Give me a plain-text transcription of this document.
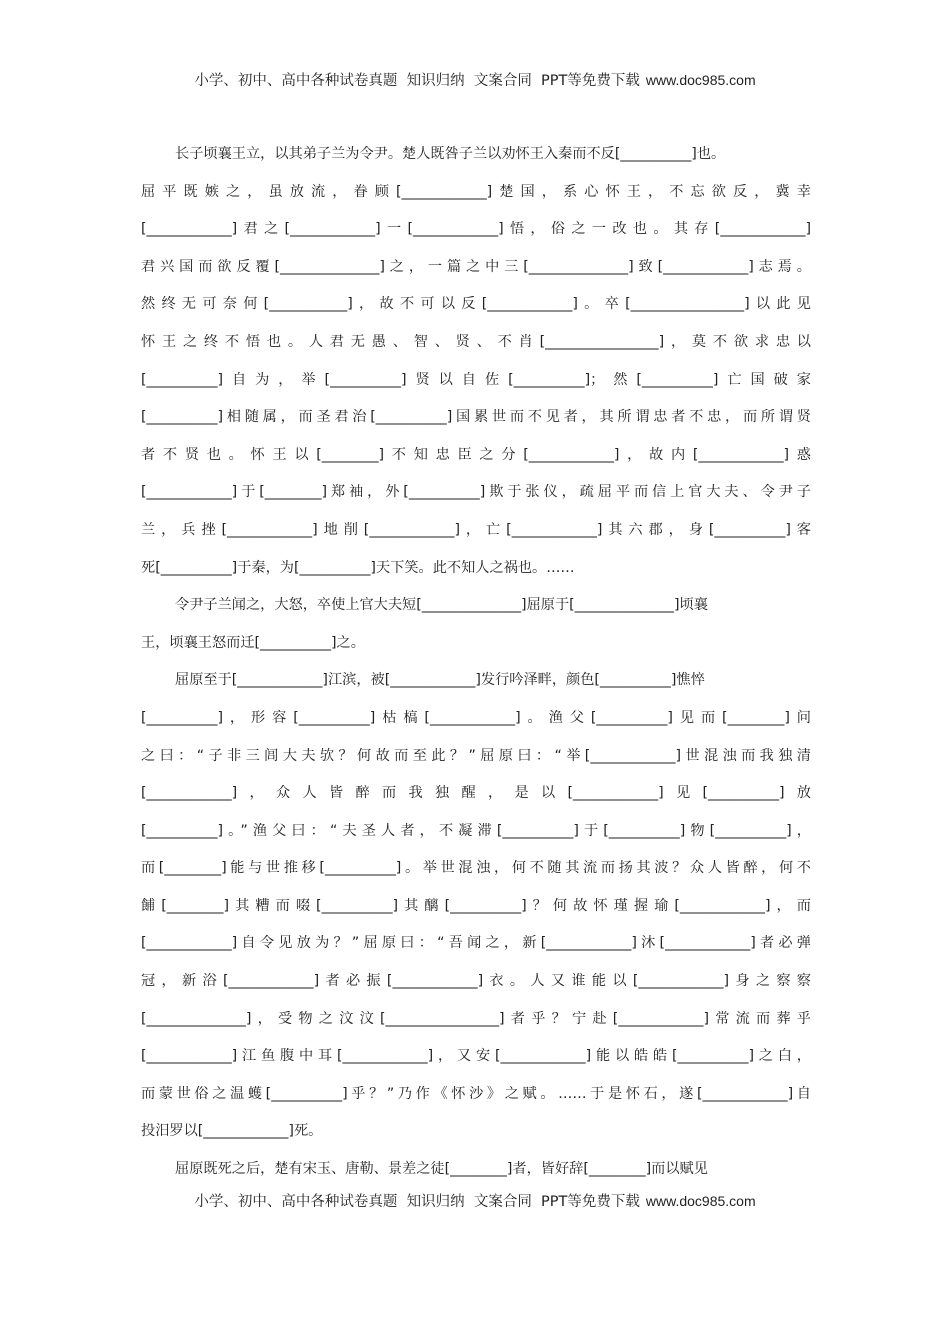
小学、初中、高中各种试卷真题  知识归纳  文案合同  PPT等免费下载 www.doc985.com
长子顷襄王立，以其弟子兰为令尹。楚人既咎子兰以劝怀王入秦而不反[__________]也。
屈平既嫉之，虽放流，眷顾[____________]楚国，系心怀王，不忘欲反，冀幸
[____________]君之[____________]一[____________]悟，俗之一改也。其存[____________]
君兴国而欲反覆[______________]之，一篇之中三[______________]致[____________]志焉。
然终无可奈何[___________]，故不可以反[____________]。卒[________________]以此见
怀王之终不悟也。人君无愚、智、贤、不肖[________________]，莫不欲求忠以
[__________]自为，举[__________]贤以自佐[__________]；然[__________]亡国破家
[__________]相随属，而圣君治[__________]国累世而不见者，其所谓忠者不忠，而所谓贤
者不贤也。怀王以[________]不知忠臣之分[____________]，故内[____________]惑
[____________]于[________]郑袖，外[__________]欺于张仪，疏屈平而信上官大夫、令尹子
兰，兵挫[____________]地削[____________]，亡[____________]其六郡，身[__________]客
死[__________]于秦，为[__________]天下笑。此不知人之祸也。……
令尹子兰闻之，大怒，卒使上官大夫短[______________]屈原于[______________]顷襄
王，顷襄王怒而迁[__________]之。
屈原至于[____________]江滨，被[____________]发行吟泽畔，颜色[__________]憔悴
[__________]，形容[__________]枯槁[____________]。渔父[__________]见而[________]问
之曰：“子非三闾大夫欤？何故而至此？”屈原曰：“举[____________]世混浊而我独清
[____________]，众人皆醉而我独醒，是以[____________]见[__________]放
[__________]。”渔父曰：“夫圣人者，不凝滞[__________]于[__________]物[__________]，
而[________]能与世推移[__________]。举世混浊，何不随其流而扬其波？众人皆醉，何不
餔[________]其糟而啜[__________]其醨[__________]？何故怀瑾握瑜[____________]，而
[____________]自令见放为？”屈原曰：“吾闻之，新[____________]沐[____________]者必弹
冠，新浴[____________]者必振[____________]衣。人又谁能以[____________]身之察察
[______________]，受物之汶汶[________________]者乎？宁赴[____________]常流而葬乎
[____________]江鱼腹中耳[____________]，又安[____________]能以皓皓[__________]之白，
而蒙世俗之温蠖[__________]乎？”乃作《怀沙》之赋。……于是怀石，遂[____________]自
投汨罗以[____________]死。
屈原既死之后，楚有宋玉、唐勒、景差之徒[________]者，皆好辞[________]而以赋见
小学、初中、高中各种试卷真题  知识归纳  文案合同  PPT等免费下载 www.doc985.com
